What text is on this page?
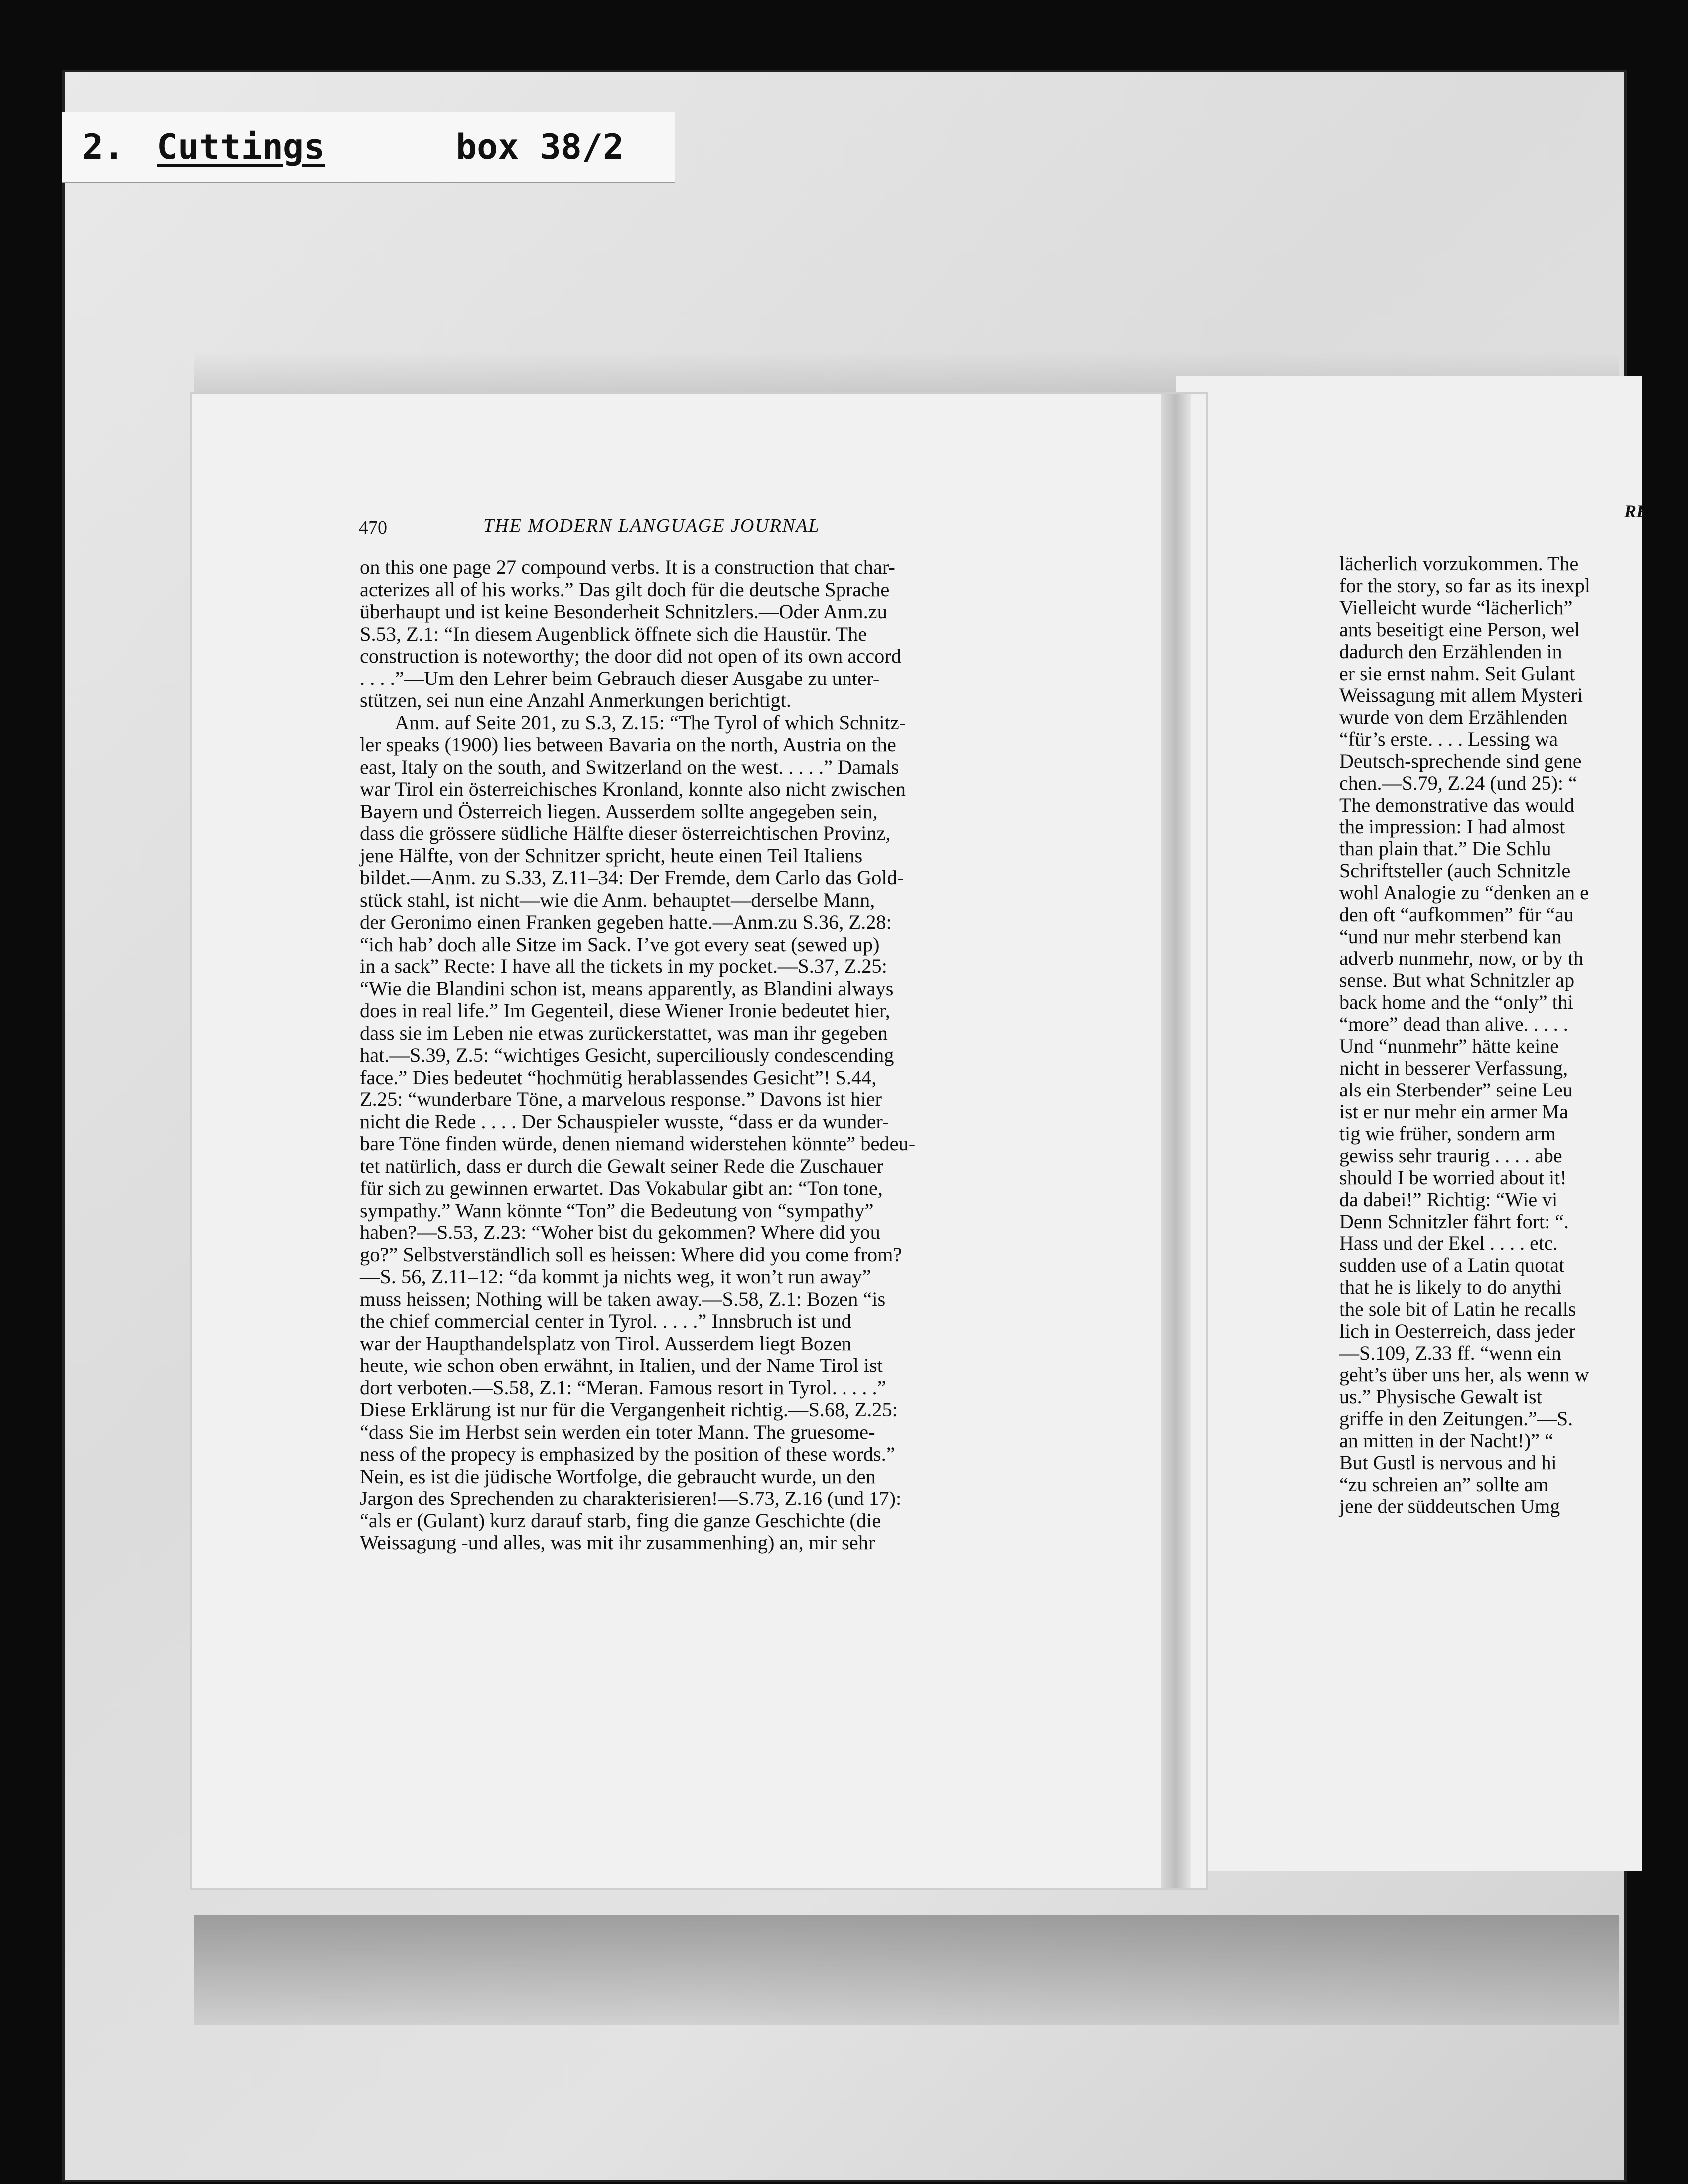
2. Cuttings	box 38/2
470	THE MODERN LANGUAGE JOURNAL
RE
on this one page 27 compound verbs. It is a construction that char-
acterizes all of his works.” Das gilt doch für die deutsche Sprache
überhaupt und ist keine Besonderheit Schnitzlers.—Oder Anm.zu
S.53, Z.1: “In diesem Augenblick öffnete sich die Haustür. The
construction is noteworthy; the door did not open of its own accord
. . . .”—Um den Lehrer beim Gebrauch dieser Ausgabe zu unter-
stützen, sei nun eine Anzahl Anmerkungen berichtigt.
Anm. auf Seite 201, zu S.3, Z.15: “The Tyrol of which Schnitz-
ler speaks (1900) lies between Bavaria on the north, Austria on the
east, Italy on the south, and Switzerland on the west. . . . .” Damals
war Tirol ein österreichisches Kronland, konnte also nicht zwischen
Bayern und Österreich liegen. Ausserdem sollte angegeben sein,
dass die grössere südliche Hälfte dieser österreichtischen Provinz,
jene Hälfte, von der Schnitzer spricht, heute einen Teil Italiens
bildet.—Anm. zu S.33, Z.11–34: Der Fremde, dem Carlo das Gold-
stück stahl, ist nicht—wie die Anm. behauptet—derselbe Mann,
der Geronimo einen Franken gegeben hatte.—Anm.zu S.36, Z.28:
“ich hab’ doch alle Sitze im Sack. I’ve got every seat (sewed up)
in a sack” Recte: I have all the tickets in my pocket.—S.37, Z.25:
“Wie die Blandini schon ist, means apparently, as Blandini always
does in real life.” Im Gegenteil, diese Wiener Ironie bedeutet hier,
dass sie im Leben nie etwas zurückerstattet, was man ihr gegeben
hat.—S.39, Z.5: “wichtiges Gesicht, superciliously condescending
face.” Dies bedeutet “hochmütig herablassendes Gesicht”! S.44,
Z.25: “wunderbare Töne, a marvelous response.” Davons ist hier
nicht die Rede . . . . Der Schauspieler wusste, “dass er da wunder-
bare Töne finden würde, denen niemand widerstehen könnte” bedeu-
tet natürlich, dass er durch die Gewalt seiner Rede die Zuschauer
für sich zu gewinnen erwartet. Das Vokabular gibt an: “Ton tone,
sympathy.” Wann könnte “Ton” die Bedeutung von “sympathy”
haben?—S.53, Z.23: “Woher bist du gekommen? Where did you
go?” Selbstverständlich soll es heissen: Where did you come from?
—S. 56, Z.11–12: “da kommt ja nichts weg, it won’t run away”
muss heissen; Nothing will be taken away.—S.58, Z.1: Bozen “is
the chief commercial center in Tyrol. . . . .” Innsbruch ist und
war der Haupthandelsplatz von Tirol. Ausserdem liegt Bozen
heute, wie schon oben erwähnt, in Italien, und der Name Tirol ist
dort verboten.—S.58, Z.1: “Meran. Famous resort in Tyrol. . . . .”
Diese Erklärung ist nur für die Vergangenheit richtig.—S.68, Z.25:
“dass Sie im Herbst sein werden ein toter Mann. The gruesome-
ness of the propecy is emphasized by the position of these words.”
Nein, es ist die jüdische Wortfolge, die gebraucht wurde, un den
Jargon des Sprechenden zu charakterisieren!—S.73, Z.16 (und 17):
“als er (Gulant) kurz darauf starb, fing die ganze Geschichte (die
Weissagung -und alles, was mit ihr zusammenhing) an, mir sehr
lächerlich vorzukommen. The
for the story, so far as its inexpl
Vielleicht wurde “lächerlich”
ants beseitigt eine Person, wel
dadurch den Erzählenden in
er sie ernst nahm. Seit Gulant
Weissagung mit allem Mysteri
wurde von dem Erzählenden
“für’s erste. . . . Lessing wa
Deutsch-sprechende sind gene
chen.—S.79, Z.24 (und 25): “
The demonstrative das would
the impression: I had almost
than plain that.” Die Schlu
Schriftsteller (auch Schnitzle
wohl Analogie zu “denken an e
den oft “aufkommen” für “au
“und nur mehr sterbend kan
adverb nunmehr, now, or by th
sense. But what Schnitzler ap
back home and the “only” thi
“more” dead than alive. . . . .
Und “nunmehr” hätte keine
nicht in besserer Verfassung,
als ein Sterbender” seine Leu
ist er nur mehr ein armer Ma
tig wie früher, sondern arm
gewiss sehr traurig . . . . abe
should I be worried about it!
da dabei!” Richtig: “Wie vi
Denn Schnitzler fährt fort: “.
Hass und der Ekel . . . . etc.
sudden use of a Latin quotat
that he is likely to do anythi
the sole bit of Latin he recalls
lich in Oesterreich, dass jeder
—S.109, Z.33 ff. “wenn ein
geht’s über uns her, als wenn w
us.” Physische Gewalt ist
griffe in den Zeitungen.”—S.
an mitten in der Nacht!)” “
But Gustl is nervous and hi
“zu schreien an” sollte am
jene der süddeutschen Umg
